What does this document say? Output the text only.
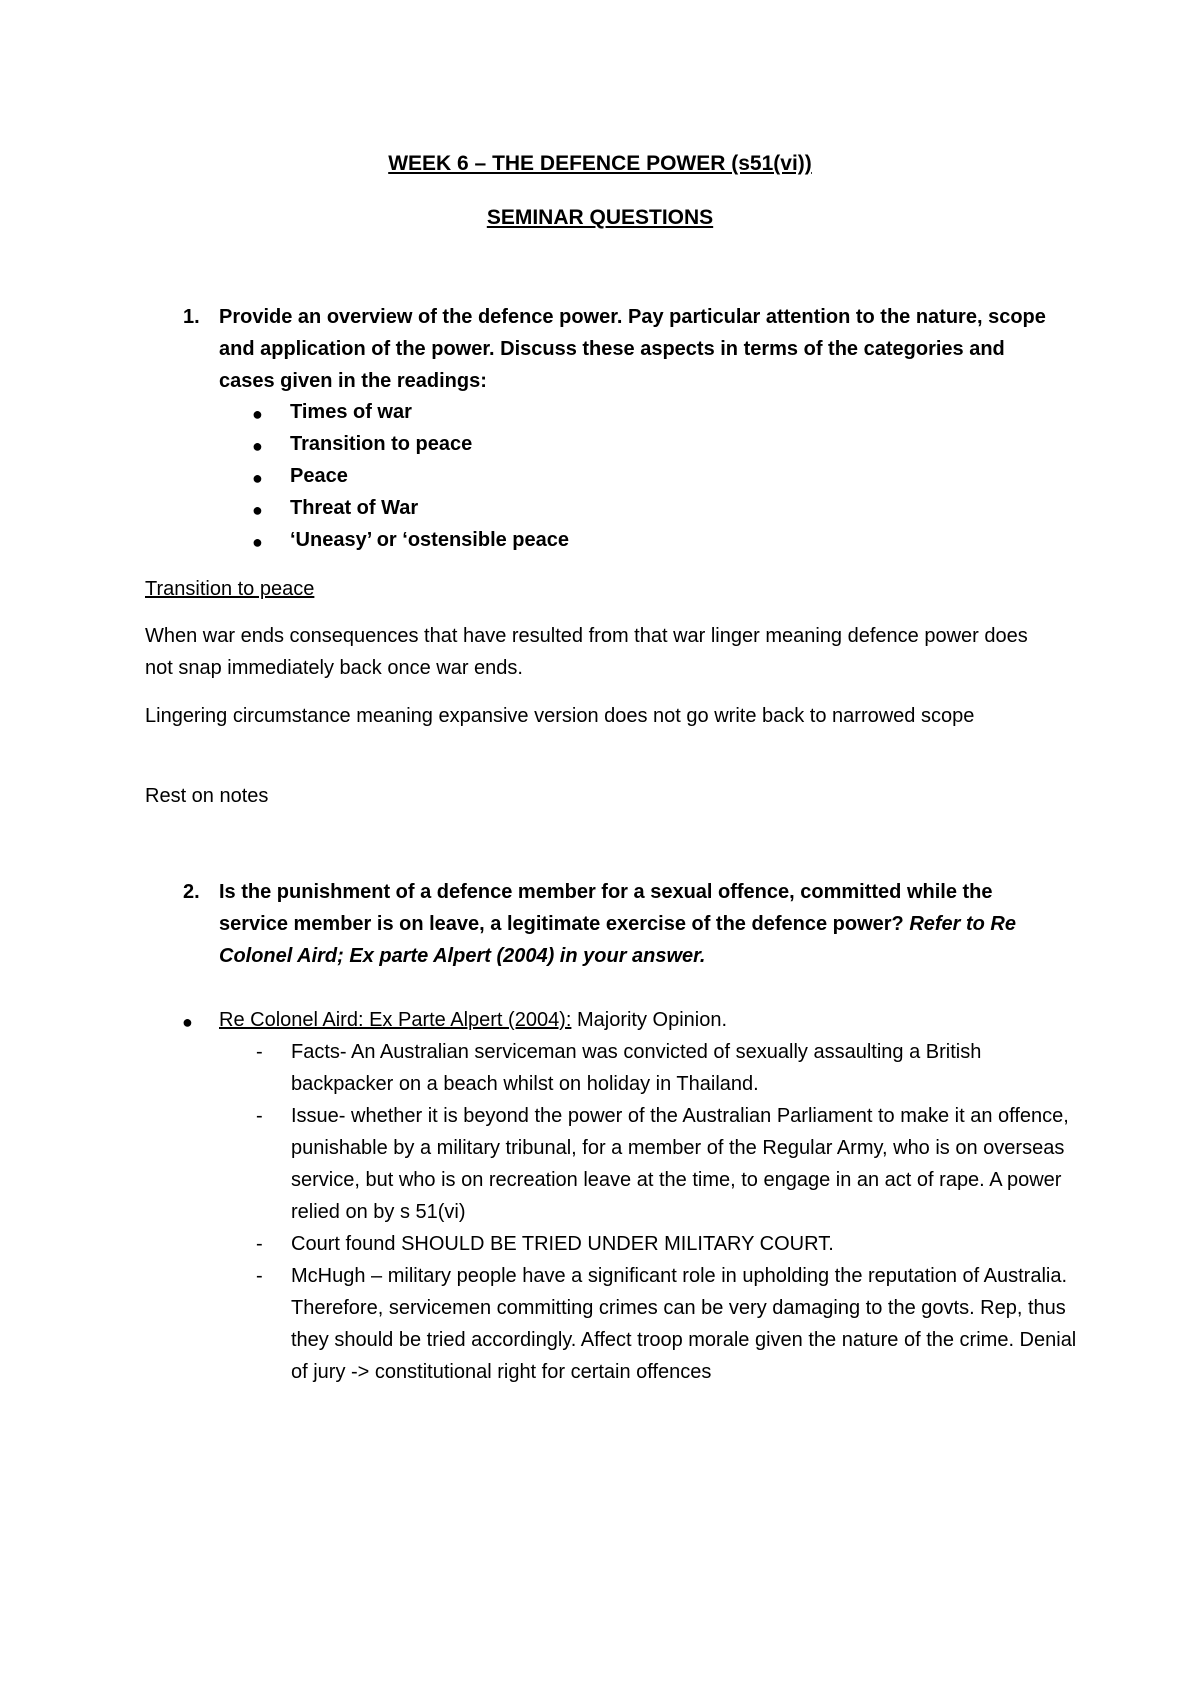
WEEK 6 – THE DEFENCE POWER (s51(vi))
SEMINAR QUESTIONS
1. Provide an overview of the defence power. Pay particular attention to the nature, scope and application of the power. Discuss these aspects in terms of the categories and cases given in the readings:
● Times of war
● Transition to peace
● Peace
● Threat of War
● ‘Uneasy’ or ‘ostensible peace
Transition to peace
When war ends consequences that have resulted from that war linger meaning defence power does not snap immediately back once war ends.
Lingering circumstance meaning expansive version does not go write back to narrowed scope
Rest on notes
2. Is the punishment of a defence member for a sexual offence, committed while the service member is on leave, a legitimate exercise of the defence power? Refer to Re Colonel Aird; Ex parte Alpert (2004) in your answer.
● Re Colonel Aird: Ex Parte Alpert (2004): Majority Opinion.
- Facts- An Australian serviceman was convicted of sexually assaulting a British backpacker on a beach whilst on holiday in Thailand.
- Issue- whether it is beyond the power of the Australian Parliament to make it an offence, punishable by a military tribunal, for a member of the Regular Army, who is on overseas service, but who is on recreation leave at the time, to engage in an act of rape. A power relied on by s 51(vi)
- Court found SHOULD BE TRIED UNDER MILITARY COURT.
- McHugh – military people have a significant role in upholding the reputation of Australia. Therefore, servicemen committing crimes can be very damaging to the govts. Rep, thus they should be tried accordingly. Affect troop morale given the nature of the crime. Denial of jury -> constitutional right for certain offences
